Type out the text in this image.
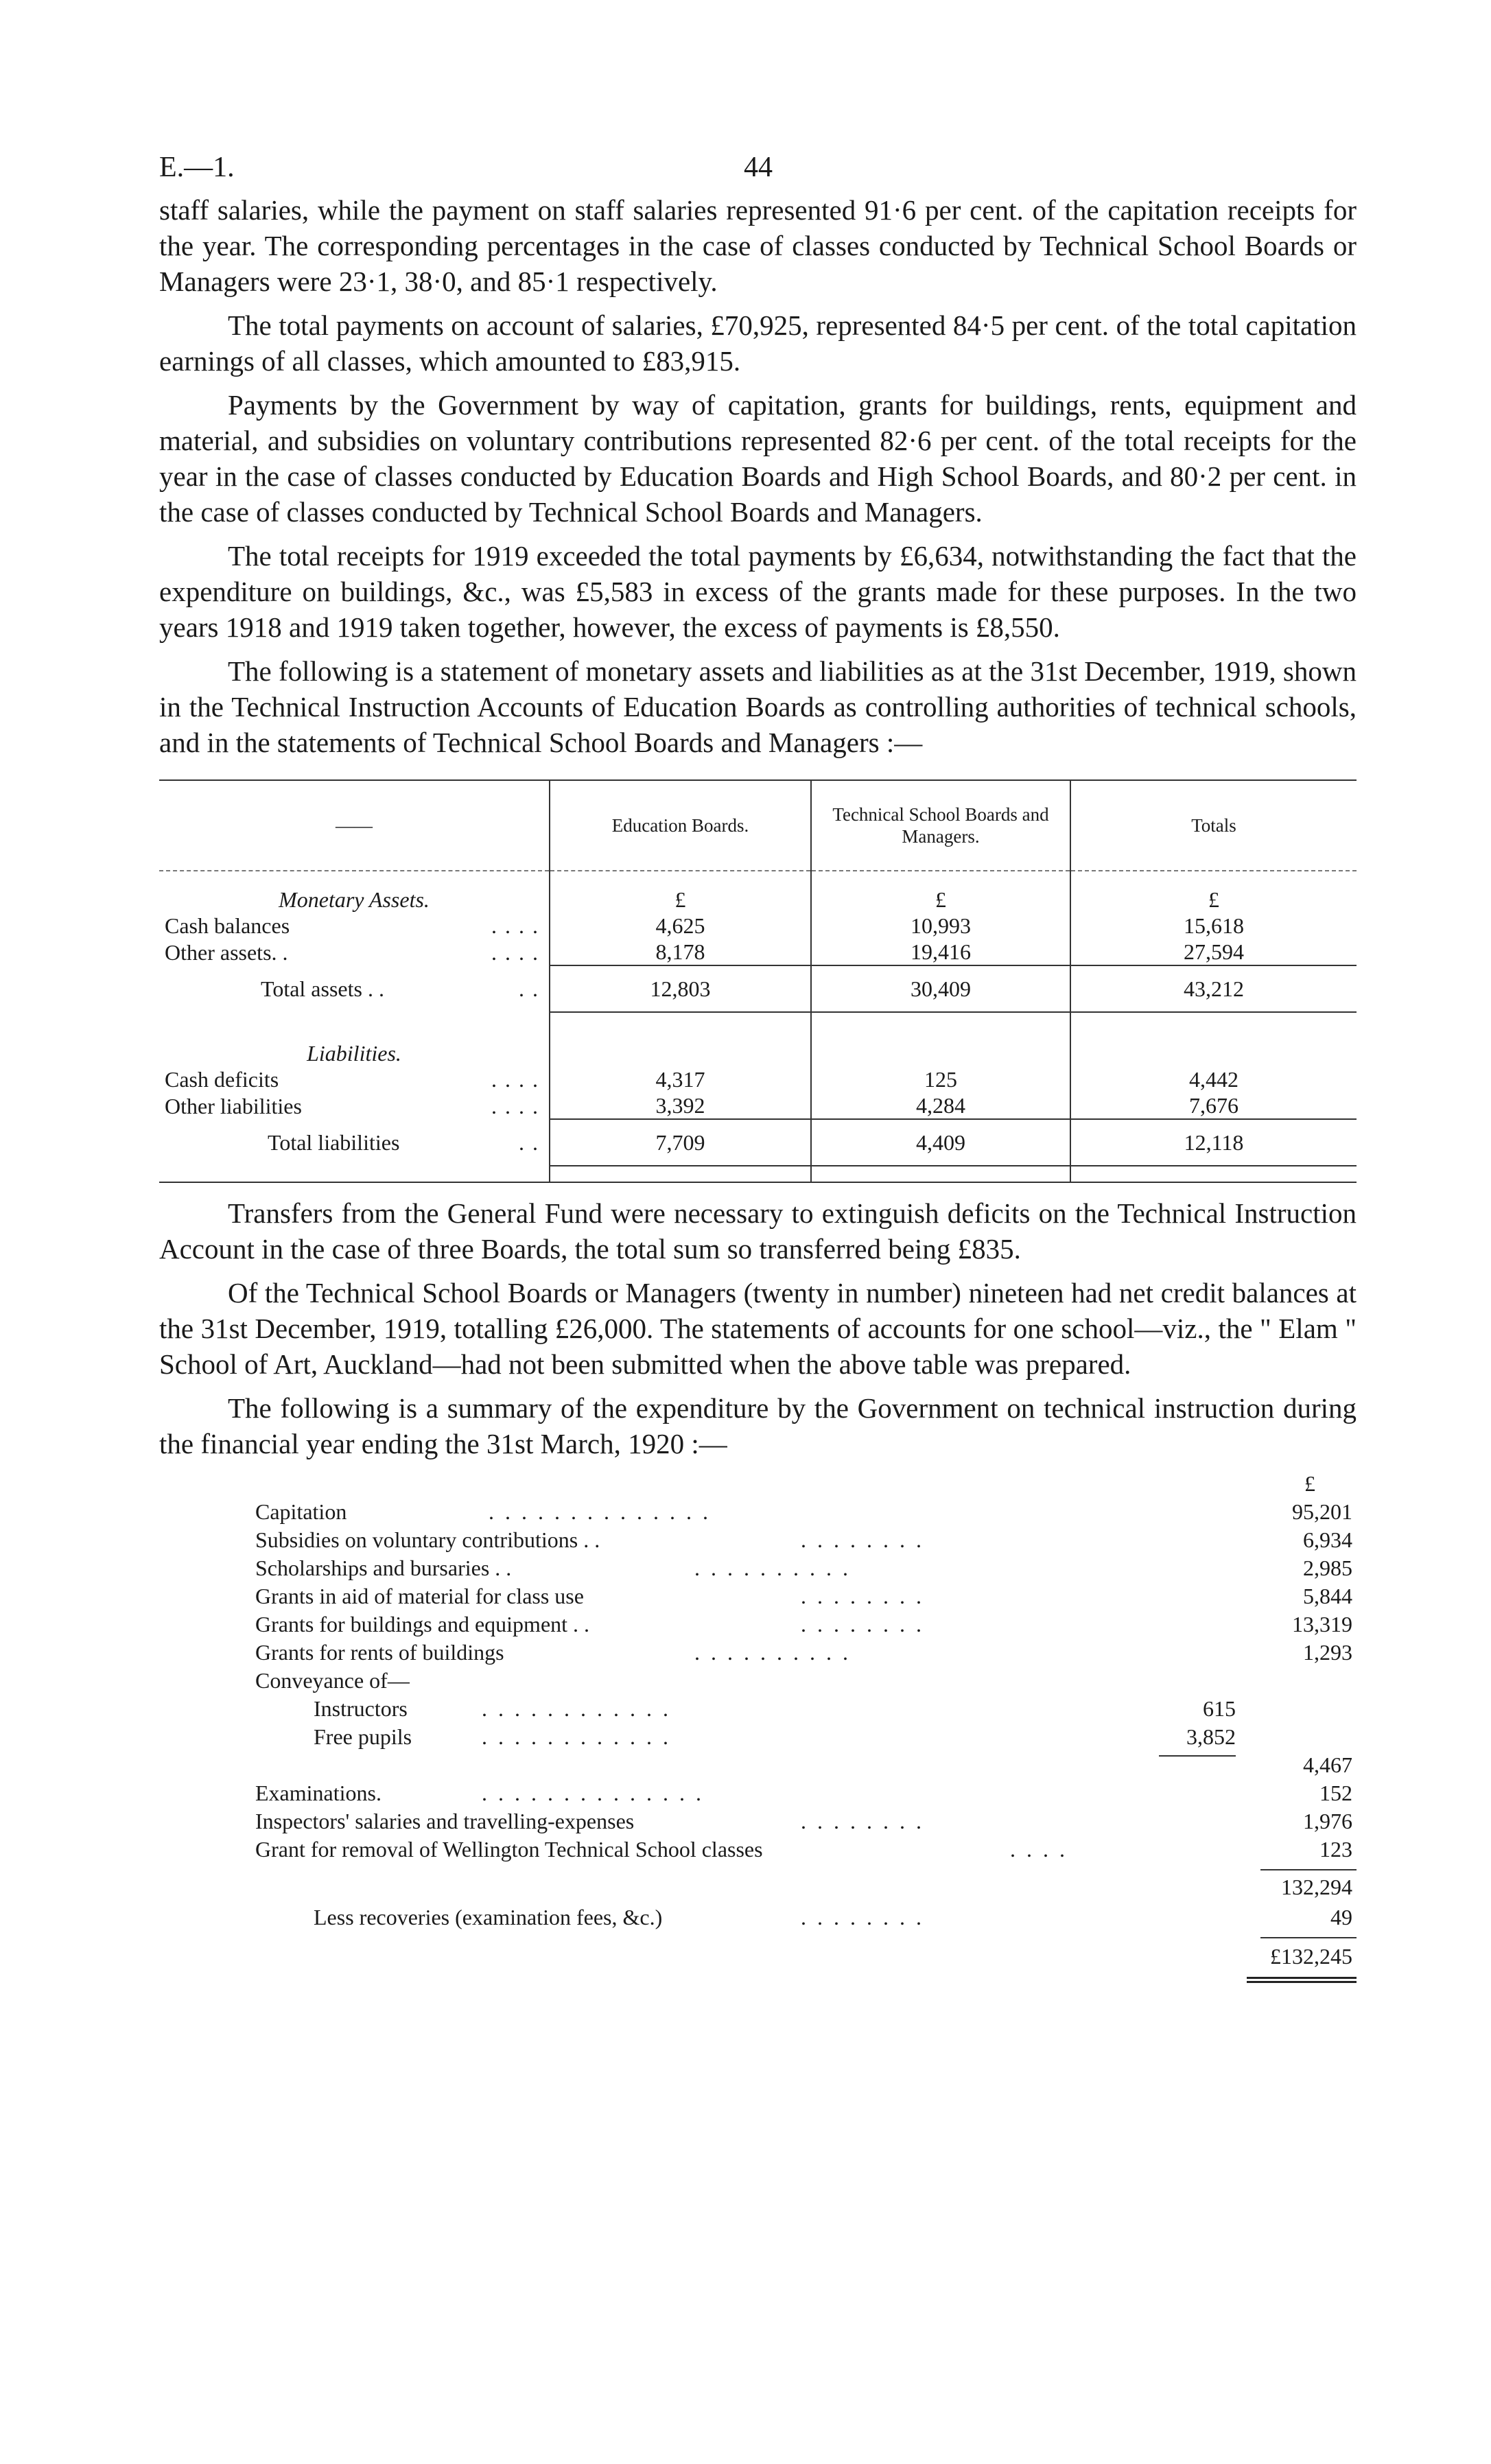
E.—1.	44

staff salaries, while the payment on staff salaries represented 91·6 per cent. of the capitation receipts for the year. The corresponding percentages in the case of classes conducted by Technical School Boards or Managers were 23·1, 38·0, and 85·1 respectively.

The total payments on account of salaries, £70,925, represented 84·5 per cent. of the total capitation earnings of all classes, which amounted to £83,915.

Payments by the Government by way of capitation, grants for buildings, rents, equipment and material, and subsidies on voluntary contributions represented 82·6 per cent. of the total receipts for the year in the case of classes conducted by Education Boards and High School Boards, and 80·2 per cent. in the case of classes conducted by Technical School Boards and Managers.

The total receipts for 1919 exceeded the total payments by £6,634, notwithstanding the fact that the expenditure on buildings, &c., was £5,583 in excess of the grants made for these purposes. In the two years 1918 and 1919 taken together, however, the excess of payments is £8,550.

The following is a statement of monetary assets and liabilities as at the 31st December, 1919, shown in the Technical Instruction Accounts of Education Boards as controlling authorities of technical schools, and in the statements of Technical School Boards and Managers :—

——	Education Boards.	Technical School Boards and Managers.	Totals

Monetary Assets.	£	£	£

Cash balances . . . .	4,625	10,993	15,618

Other assets. . . . . .	8,178	19,416	27,594

Total assets . . . .	12,803	30,409	43,212

Liabilities.			

Cash deficits . . . .	4,317	125	4,442

Other liabilities . . . .	3,392	4,284	7,676

Total liabilities . .	7,709	4,409	12,118

Transfers from the General Fund were necessary to extinguish deficits on the Technical Instruction Account in the case of three Boards, the total sum so transferred being £835.

Of the Technical School Boards or Managers (twenty in number) nineteen had net credit balances at the 31st December, 1919, totalling £26,000. The statements of accounts for one school—viz., the " Elam " School of Art, Auckland—had not been submitted when the above table was prepared.

The following is a summary of the expenditure by the Government on technical instruction during the financial year ending the 31st March, 1920 :—

£
Capitation	. . . . . . . . . . . . . .	95,201
Subsidies on voluntary contributions . .	. . . . . . . .	6,934
Scholarships and bursaries . .	. . . . . . . . . .	2,985
Grants in aid of material for class use	. . . . . . . .	5,844
Grants for buildings and equipment . .	. . . . . . . .	13,319
Grants for rents of buildings	. . . . . . . . . .	1,293
Conveyance of—
Instructors	. . . . . . . . . . . .	615
Free pupils	. . . . . . . . . . . .	3,852
4,467
Examinations.	. . . . . . . . . . . . . .	152
Inspectors' salaries and travelling-expenses	. . . . . . . .	1,976
Grant for removal of Wellington Technical School classes	. . . .	123
132,294
Less recoveries (examination fees, &c.)	. . . . . . . .	49
£132,245
